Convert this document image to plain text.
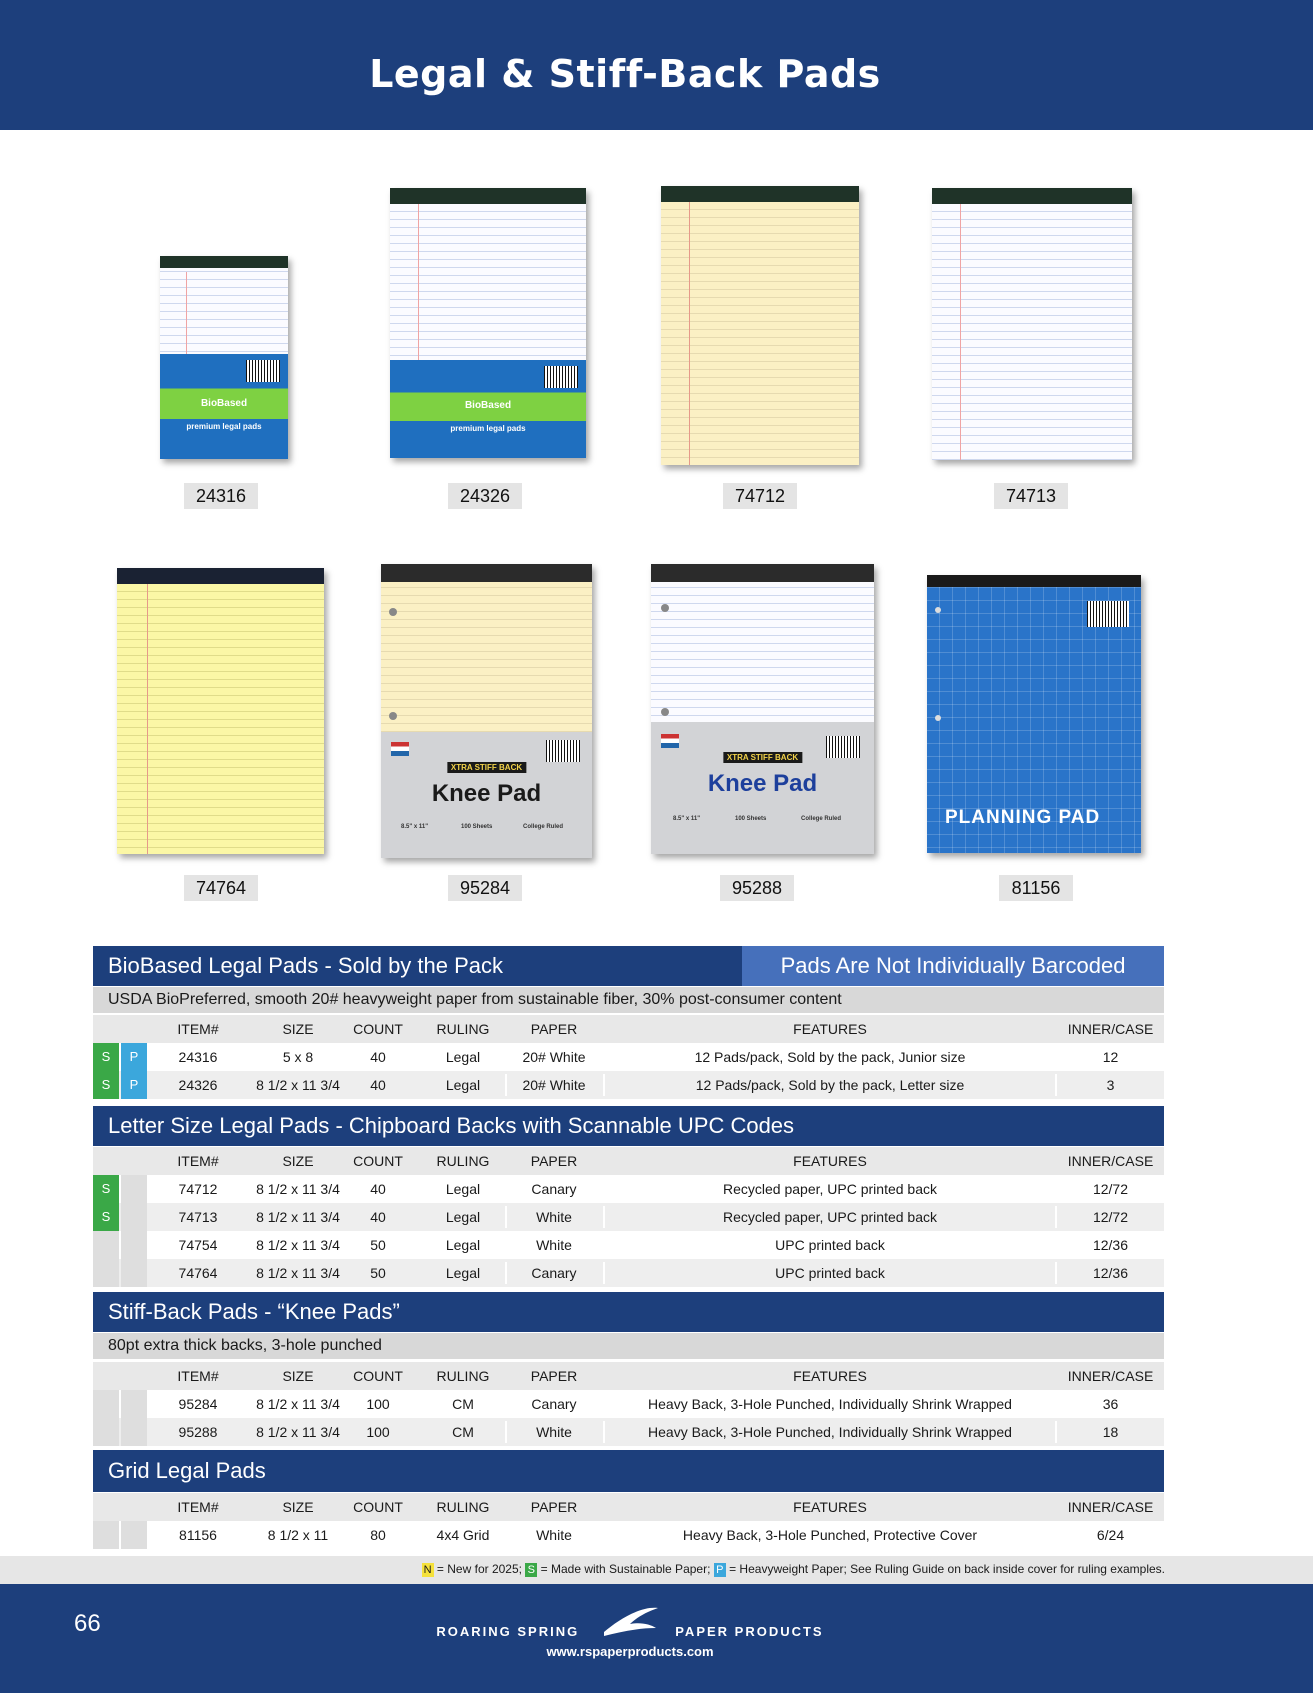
Legal & Stiff-Back Pads
BioBased
premium legal pads
24316
BioBased
premium legal pads
24326	74712	74713
74764
XTRA STIFF BACK
Knee Pad
8.5" x 11"	100 Sheets	College Ruled
95284
XTRA STIFF BACK
Knee Pad
8.5" x 11"	100 Sheets	College Ruled
95288
PLANNING PAD
81156
BioBased Legal Pads - Sold by the Pack	Pads Are Not Individually Barcoded
USDA BioPreferred, smooth 20# heavyweight paper from sustainable fiber, 30% post-consumer content
ITEM#	SIZE	COUNT	RULING	PAPER	FEATURES	INNER/CASE
S	P	24316	5 x 8	40	Legal	20# White	12 Pads/pack, Sold by the pack, Junior size	12
S	P	24326	8 1/2 x 11 3/4	40	Legal	20# White	12 Pads/pack, Sold by the pack, Letter size	3
Letter Size Legal Pads - Chipboard Backs with Scannable UPC Codes
ITEM#	SIZE	COUNT	RULING	PAPER	FEATURES	INNER/CASE
S	74712	8 1/2 x 11 3/4	40	Legal	Canary	Recycled paper, UPC printed back	12/72
S	74713	8 1/2 x 11 3/4	40	Legal	White	Recycled paper, UPC printed back	12/72
74754	8 1/2 x 11 3/4	50	Legal	White	UPC printed back	12/36
74764	8 1/2 x 11 3/4	50	Legal	Canary	UPC printed back	12/36
Stiff-Back Pads - “Knee Pads”
80pt extra thick backs, 3-hole punched
ITEM#	SIZE	COUNT	RULING	PAPER	FEATURES	INNER/CASE
95284	8 1/2 x 11 3/4	100	CM	Canary	Heavy Back, 3-Hole Punched, Individually Shrink Wrapped	36
95288	8 1/2 x 11 3/4	100	CM	White	Heavy Back, 3-Hole Punched, Individually Shrink Wrapped	18
Grid Legal Pads
ITEM#	SIZE	COUNT	RULING	PAPER	FEATURES	INNER/CASE
81156	8 1/2 x 11	80	4x4 Grid	White	Heavy Back, 3-Hole Punched, Protective Cover	6/24
N = New for 2025; S = Made with Sustainable Paper; P = Heavyweight Paper; See Ruling Guide on back inside cover for ruling examples.
66	ROARING SPRING	PAPER PRODUCTS
www.rspaperproducts.com
